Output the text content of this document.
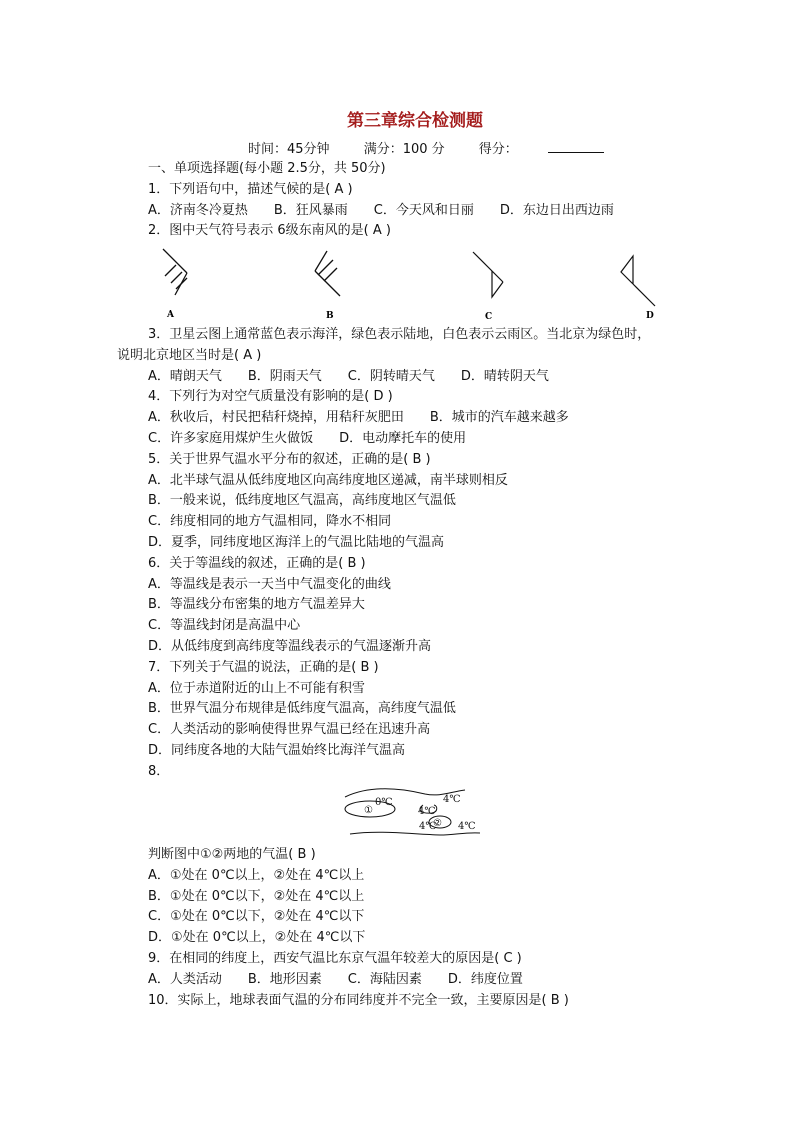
第三章综合检测题
时间：45分钟	满分：100 分	得分：
一、单项选择题(每小题 2.5分，共 50分)
1．下列语句中，描述气候的是( A )
A．济南冬冷夏热　　B．狂风暴雨　　C．今天风和日丽　　D．东边日出西边雨
2．图中天气符号表示 6级东南风的是( A )
A	B	C	D
3．卫星云图上通常蓝色表示海洋，绿色表示陆地，白色表示云雨区。当北京为绿色时，
说明北京地区当时是( A )
A．晴朗天气　　B．阴雨天气　　C．阴转晴天气　　D．晴转阴天气
4．下列行为对空气质量没有影响的是( D )
A．秋收后，村民把秸秆烧掉，用秸秆灰肥田　　B．城市的汽车越来越多
C．许多家庭用煤炉生火做饭　　D．电动摩托车的使用
5．关于世界气温水平分布的叙述，正确的是( B )
A．北半球气温从低纬度地区向高纬度地区递减，南半球则相反
B．一般来说，低纬度地区气温高，高纬度地区气温低
C．纬度相同的地方气温相同，降水不相同
D．夏季，同纬度地区海洋上的气温比陆地的气温高
6．关于等温线的叙述，正确的是( B )
A．等温线是表示一天当中气温变化的曲线
B．等温线分布密集的地方气温差异大
C．等温线封闭是高温中心
D．从低纬度到高纬度等温线表示的气温逐渐升高
7．下列关于气温的说法，正确的是( B )
A．位于赤道附近的山上不可能有积雪
B．世界气温分布规律是低纬度气温高，高纬度气温低
C．人类活动的影响使得世界气温已经在迅速升高
D．同纬度各地的大陆气温始终比海洋气温高
8．
0℃	4℃
4℃
4℃ 4℃
①
②
判断图中①②两地的气温( B )
A．①处在 0℃以上，②处在 4℃以上
B．①处在 0℃以下，②处在 4℃以上
C．①处在 0℃以下，②处在 4℃以下
D．①处在 0℃以上，②处在 4℃以下
9．在相同的纬度上，西安气温比东京气温年较差大的原因是( C )
A．人类活动　　B．地形因素　　C．海陆因素　　D．纬度位置
10．实际上，地球表面气温的分布同纬度并不完全一致，主要原因是( B )
